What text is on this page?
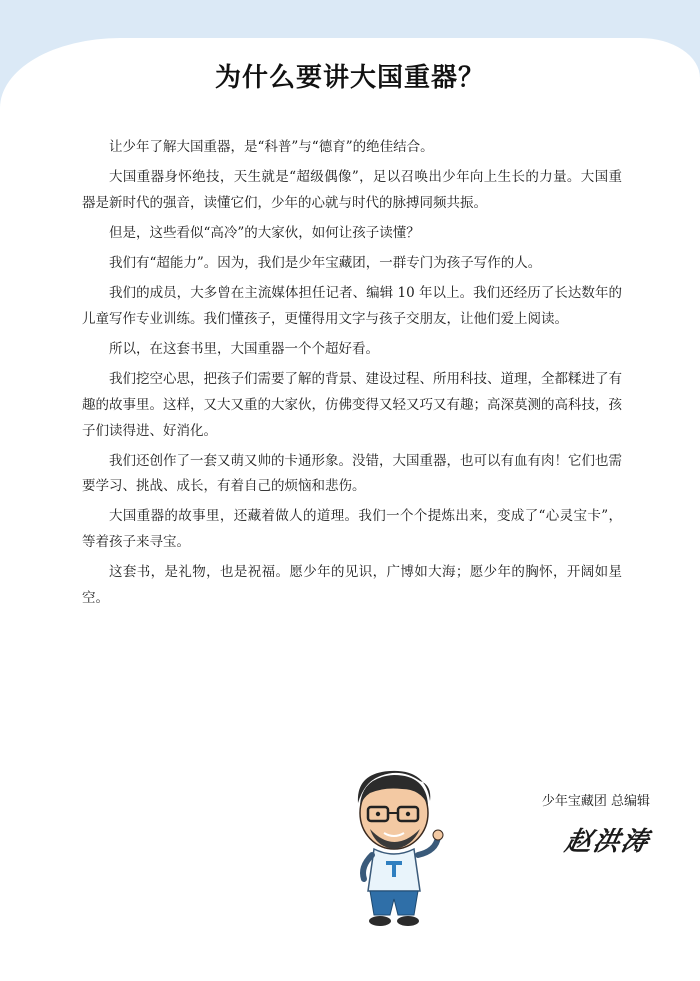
为什么要讲大国重器？

让少年了解大国重器，是“科普”与“德育”的绝佳结合。

大国重器身怀绝技，天生就是“超级偶像”，足以召唤出少年向上生长的力量。大国重器是新时代的强音，读懂它们，少年的心就与时代的脉搏同频共振。

但是，这些看似“高冷”的大家伙，如何让孩子读懂？

我们有“超能力”。因为，我们是少年宝藏团，一群专门为孩子写作的人。

我们的成员，大多曾在主流媒体担任记者、编辑 10 年以上。我们还经历了长达数年的儿童写作专业训练。我们懂孩子，更懂得用文字与孩子交朋友，让他们爱上阅读。

所以，在这套书里，大国重器一个个超好看。

我们挖空心思，把孩子们需要了解的背景、建设过程、所用科技、道理，全都糅进了有趣的故事里。这样，又大又重的大家伙，仿佛变得又轻又巧又有趣；高深莫测的高科技，孩子们读得进、好消化。

我们还创作了一套又萌又帅的卡通形象。没错，大国重器，也可以有血有肉！它们也需要学习、挑战、成长，有着自己的烦恼和悲伤。

大国重器的故事里，还藏着做人的道理。我们一个个提炼出来，变成了“心灵宝卡”，等着孩子来寻宝。

这套书，是礼物，也是祝福。愿少年的见识，广博如大海；愿少年的胸怀，开阔如星空。

少年宝藏团 总编辑
赵洪涛
